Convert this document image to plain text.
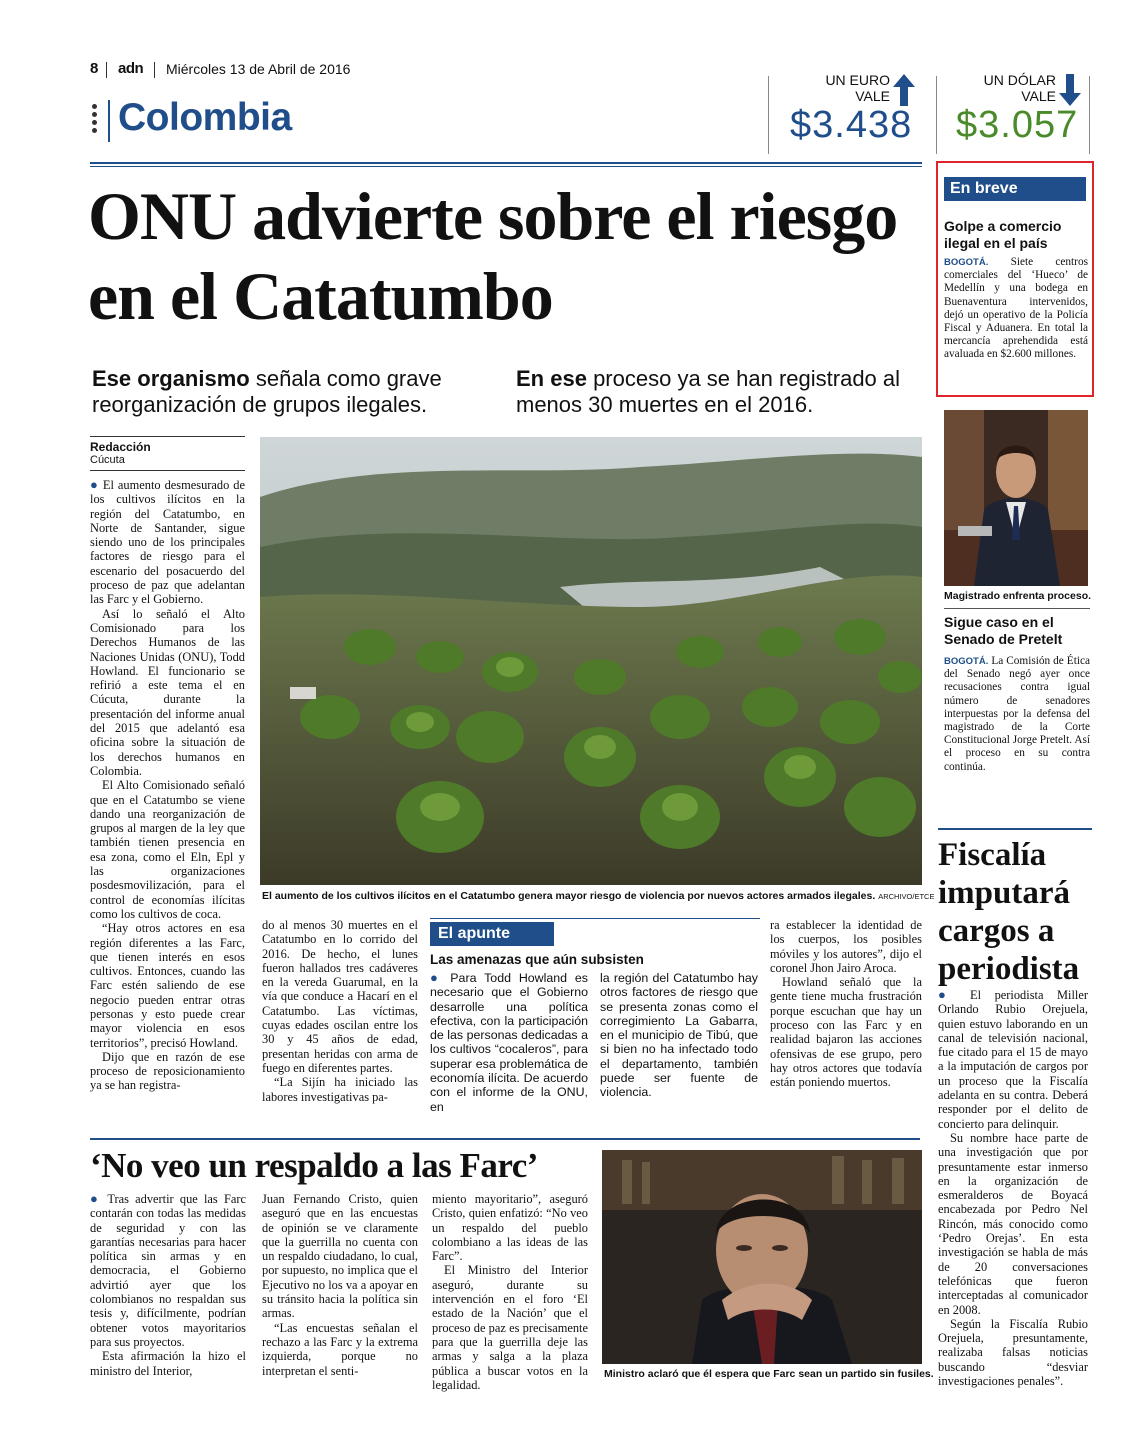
8 adn Miércoles 13 de Abril de 2016
Colombia
UN EURO VALE
$3.438
UN DÓLAR VALE
$3.057
ONU advierte sobre el riesgo en el Catatumbo
Ese organismo señala como grave reorganización de grupos ilegales.
En ese proceso ya se han registrado al menos 30 muertes en el 2016.
Redacción
Cúcuta

● El aumento desmesurado de los cultivos ilícitos en la región del Catatumbo, en Norte de Santander, sigue siendo uno de los principales factores de riesgo para el escenario del posacuerdo del proceso de paz que adelantan las Farc y el Gobierno.

Así lo señaló el Alto Comisionado para los Derechos Humanos de las Naciones Unidas (ONU), Todd Howland. El funcionario se refirió a este tema el en Cúcuta, durante la presentación del informe anual del 2015 que adelantó esa oficina sobre la situación de los derechos humanos en Colombia.

El Alto Comisionado señaló que en el Catatumbo se viene dando una reorganización de grupos al margen de la ley que también tienen presencia en esa zona, como el Eln, Epl y las organizaciones posdesmovilización, para el control de economías ilícitas como los cultivos de coca.

“Hay otros actores en esa región diferentes a las Farc, que tienen interés en esos cultivos. Entonces, cuando las Farc estén saliendo de ese negocio pueden entrar otras personas y esto puede crear mayor violencia en esos territorios”, precisó Howland.

Dijo que en razón de ese proceso de reposicionamiento ya se han registra-

El aumento de los cultivos ilícitos en el Catatumbo genera mayor riesgo de violencia por nuevos actores armados ilegales. ARCHIVO/ETCE

do al menos 30 muertes en el Catatumbo en lo corrido del 2016. De hecho, el lunes fueron hallados tres cadáveres en la vereda Guarumal, en la vía que conduce a Hacarí en el Catatumbo. Las víctimas, cuyas edades oscilan entre los 30 y 45 años de edad, presentan heridas con arma de fuego en diferentes partes.

“La Sijín ha iniciado las labores investigativas pa-

El apunte
Las amenazas que aún subsisten
● Para Todd Howland es necesario que el Gobierno desarrolle una política efectiva, con la participación de las personas dedicadas a los cultivos “cocaleros”, para superar esa problemática de economía ilícita. De acuerdo con el informe de la ONU, en
la región del Catatumbo hay otros factores de riesgo que se presenta zonas como el corregimiento La Gabarra, en el municipio de Tibú, que si bien no ha infectado todo el departamento, también puede ser fuente de violencia.

ra establecer la identidad de los cuerpos, los posibles móviles y los autores”, dijo el coronel Jhon Jairo Aroca.

Howland señaló que la gente tiene mucha frustración porque escuchan que hay un proceso con las Farc y en realidad bajaron las acciones ofensivas de ese grupo, pero hay otros actores que todavía están poniendo muertos.

En breve
Golpe a comercio ilegal en el país
BOGOTÁ. Siete centros comerciales del ‘Hueco’ de Medellín y una bodega en Buenaventura intervenidos, dejó un operativo de la Policía Fiscal y Aduanera. En total la mercancía aprehendida está avaluada en $2.600 millones.
Magistrado enfrenta proceso.
Sigue caso en el Senado de Pretelt
BOGOTÁ. La Comisión de Ética del Senado negó ayer once recusaciones contra igual número de senadores interpuestas por la defensa del magistrado de la Corte Constitucional Jorge Pretelt. Así el proceso en su contra continúa.
Fiscalía imputará cargos a periodista

● El periodista Miller Orlando Rubio Orejuela, quien estuvo laborando en un canal de televisión nacional, fue citado para el 15 de mayo a la imputación de cargos por un proceso que la Fiscalía adelanta en su contra. Deberá responder por el delito de concierto para delinquir.

Su nombre hace parte de una investigación que por presuntamente estar inmerso en la organización de esmeralderos de Boyacá encabezada por Pedro Nel Rincón, más conocido como ‘Pedro Orejas’. En esta investigación se habla de más de 20 conversaciones telefónicas que fueron interceptadas al comunicador en 2008.

Según la Fiscalía Rubio Orejuela, presuntamente, realizaba falsas noticias buscando “desviar investigaciones penales”.

‘No veo un respaldo a las Farc’

● Tras advertir que las Farc contarán con todas las medidas de seguridad y con las garantías necesarias para hacer política sin armas y en democracia, el Gobierno advirtió ayer que los colombianos no respaldan sus tesis y, difícilmente, podrían obtener votos mayoritarios para sus proyectos.

Esta afirmación la hizo el ministro del Interior,

Juan Fernando Cristo, quien aseguró que en las encuestas de opinión se ve claramente que la guerrilla no cuenta con un respaldo ciudadano, lo cual, por supuesto, no implica que el Ejecutivo no los va a apoyar en su tránsito hacia la política sin armas.

“Las encuestas señalan el rechazo a las Farc y la extrema izquierda, porque no interpretan el senti-

miento mayoritario”, aseguró Cristo, quien enfatizó: “No veo un respaldo del pueblo colombiano a las ideas de las Farc”.

El Ministro del Interior aseguró, durante su intervención en el foro ‘El estado de la Nación’ que el proceso de paz es precisamente para que la guerrilla deje las armas y salga a la plaza pública a buscar votos en la legalidad.

Ministro aclaró que él espera que Farc sean un partido sin fusiles.
